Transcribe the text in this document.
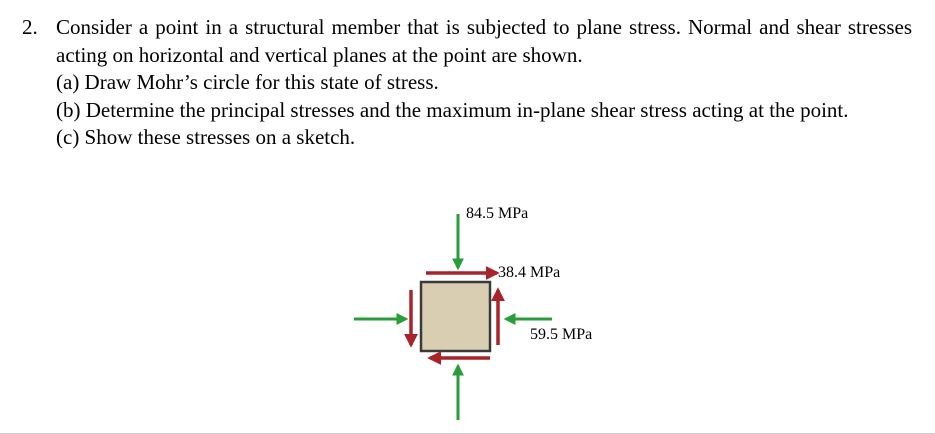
2. Consider a point in a structural member that is subjected to plane stress. Normal and shear stresses acting on horizontal and vertical planes at the point are shown.

(a) Draw Mohr’s circle for this state of stress.

(b) Determine the principal stresses and the maximum in-plane shear stress acting at the point.

(c) Show these stresses on a sketch.

84.5 MPa
38.4 MPa
59.5 MPa
